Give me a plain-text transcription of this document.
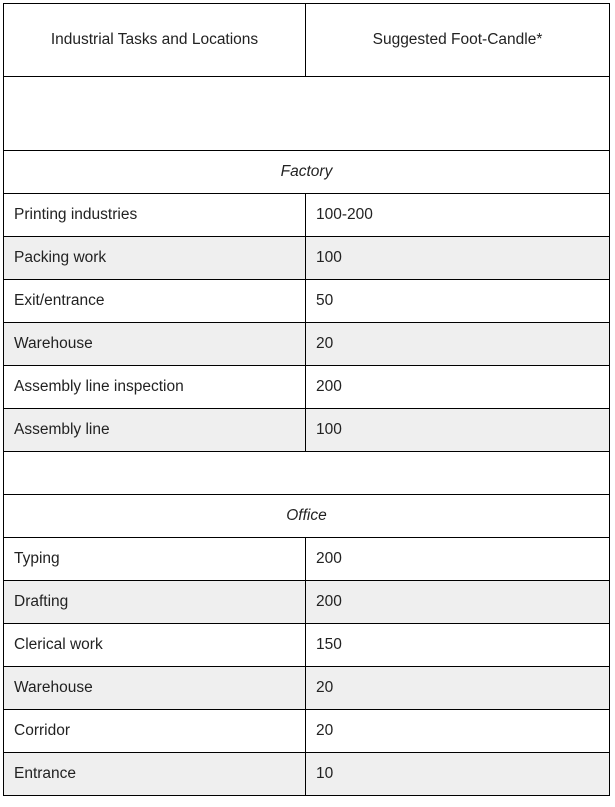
Industrial Tasks and Locations	Suggested Foot-Candle*

Factory	
Printing industries	100-200
Packing work	100
Exit/entrance	50
Warehouse	20
Assembly line inspection	200
Assembly line	100

Office	
Typing	200
Drafting	200
Clerical work	150
Warehouse	20
Corridor	20
Entrance	10
